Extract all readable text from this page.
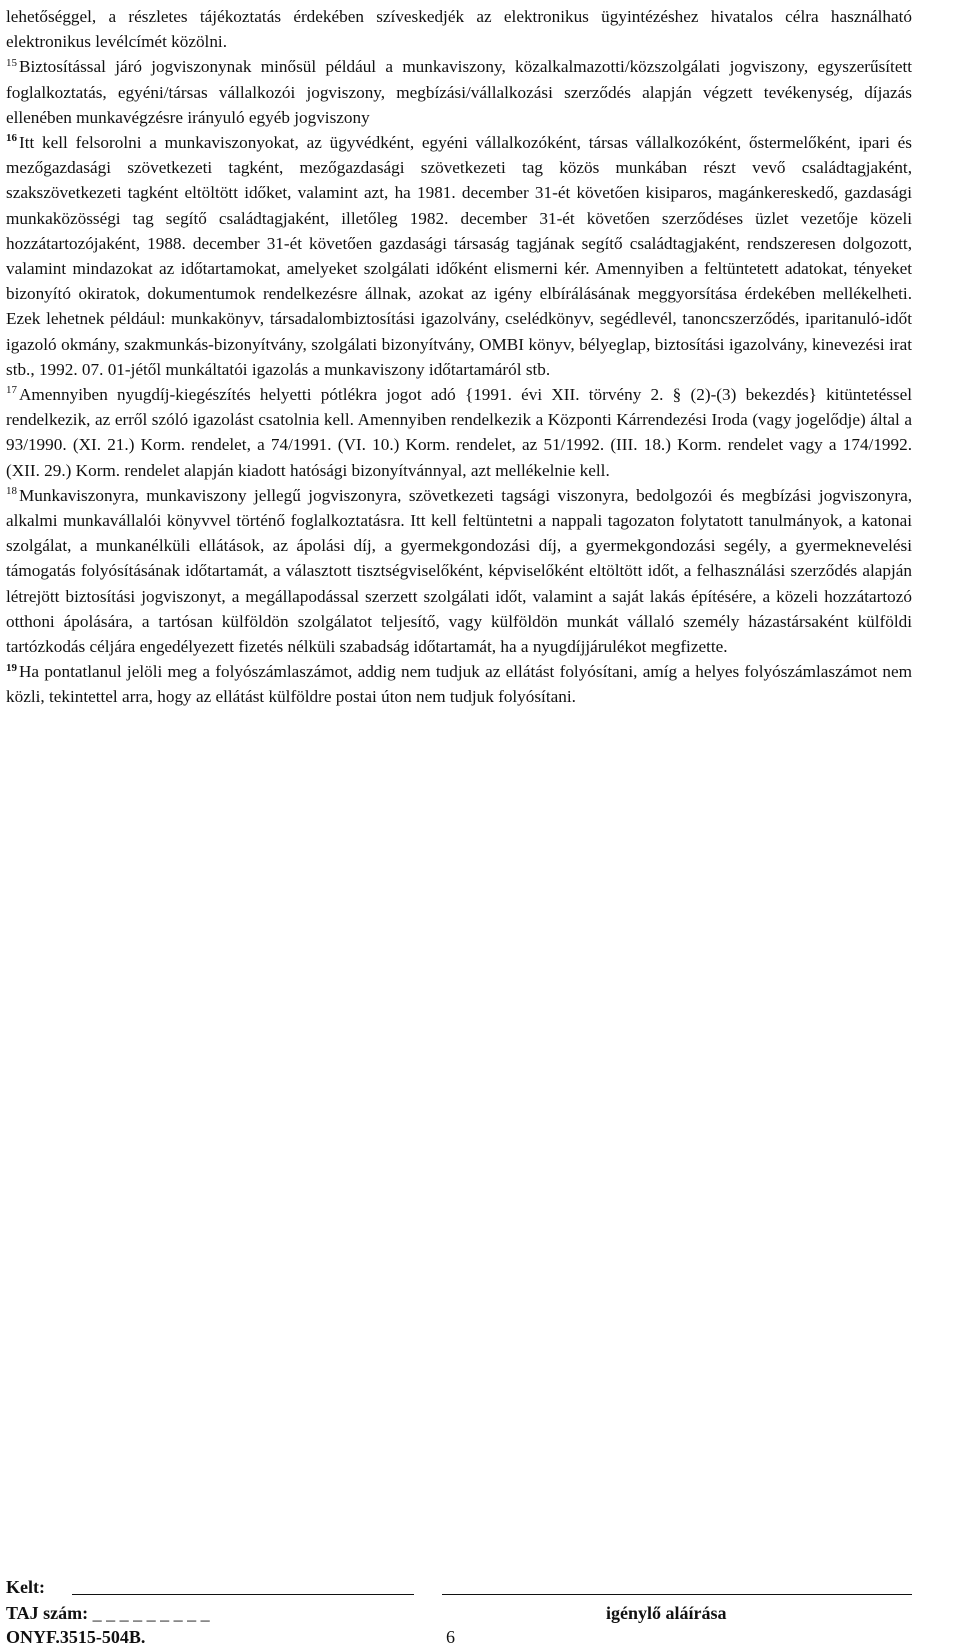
lehetőséggel, a részletes tájékoztatás érdekében szíveskedjék az elektronikus ügyintézéshez hivatalos célra használható elektronikus levélcímét közölni.

$^{15}$ Biztosítással járó jogviszonynak minősül például a munkaviszony, közalkalmazotti/közszolgálati jogviszony, egyszerűsített foglalkoztatás, egyéni/társas vállalkozói jogviszony, megbízási/vállalkozási szerződés alapján végzett tevékenység, díjazás ellenében munkavégzésre irányuló egyéb jogviszony

$^{16}$ Itt kell felsorolni a munkaviszonyokat, az ügyvédként, egyéni vállalkozóként, társas vállalkozóként, őstermelőként, ipari és mezőgazdasági szövetkezeti tagként, mezőgazdasági szövetkezeti tag közös munkában részt vevő családtagjaként, szakszövetkezeti tagként eltöltött időket, valamint azt, ha 1981. december 31-ét követően kisiparos, magánkereskedő, gazdasági munkaközösségi tag segítő családtagjaként, illetőleg 1982. december 31-ét követően szerződéses üzlet vezetője közeli hozzátartozójaként, 1988. december 31-ét követően gazdasági társaság tagjának segítő családtagjaként, rendszeresen dolgozott, valamint mindazokat az időtartamokat, amelyeket szolgálati időként elismerni kér. Amennyiben a feltüntetett adatokat, tényeket bizonyító okiratok, dokumentumok rendelkezésre állnak, azokat az igény elbírálásának meggyorsítása érdekében mellékelheti. Ezek lehetnek például: munkakönyv, társadalombiztosítási igazolvány, cselédkönyv, segédlevél, tanoncszerződés, iparitanuló-időt igazoló okmány, szakmunkás-bizonyítvány, szolgálati bizonyítvány, OMBI könyv, bélyeglap, biztosítási igazolvány, kinevezési irat stb., 1992. 07. 01-jétől munkáltatói igazolás a munkaviszony időtartamáról stb.

$^{17}$ Amennyiben nyugdíj-kiegészítés helyetti pótlékra jogot adó {1991. évi XII. törvény 2. § (2)-(3) bekezdés} kitüntetéssel rendelkezik, az erről szóló igazolást csatolnia kell. Amennyiben rendelkezik a Központi Kárrendezési Iroda (vagy jogelődje) által a 93/1990. (XI. 21.) Korm. rendelet, a 74/1991. (VI. 10.) Korm. rendelet, az 51/1992. (III. 18.) Korm. rendelet vagy a 174/1992. (XII. 29.) Korm. rendelet alapján kiadott hatósági bizonyítvánnyal, azt mellékelnie kell.

$^{18}$ Munkaviszonyra, munkaviszony jellegű jogviszonyra, szövetkezeti tagsági viszonyra, bedolgozói és megbízási jogviszonyra, alkalmi munkavállalói könyvvel történő foglalkoztatásra. Itt kell feltüntetni a nappali tagozaton folytatott tanulmányok, a katonai szolgálat, a munkanélküli ellátások, az ápolási díj, a gyermekgondozási díj, a gyermekgondozási segély, a gyermeknevelési támogatás folyósításának időtartamát, a választott tisztségviselőként, képviselőként eltöltött időt, a felhasználási szerződés alapján létrejött biztosítási jogviszonyt, a megállapodással szerzett szolgálati időt, valamint a saját lakás építésére, a közeli hozzátartozó otthoni ápolására, a tartósan külföldön szolgálatot teljesítő, vagy külföldön munkát vállaló személy házastársaként külföldi tartózkodás céljára engedélyezett fizetés nélküli szabadság időtartamát, ha a nyugdíjjárulékot megfizette.

$^{19}$ Ha pontatlanul jelöli meg a folyószámlaszámot, addig nem tudjuk az ellátást folyósítani, amíg a helyes folyószámlaszámot nem közli, tekintettel arra, hogy az ellátást külföldre postai úton nem tudjuk folyósítani.

Kelt:
TAJ szám: _ _ _ _ _ _ _ _ _	igénylő aláírása
ONYF.3515-504B.	6
